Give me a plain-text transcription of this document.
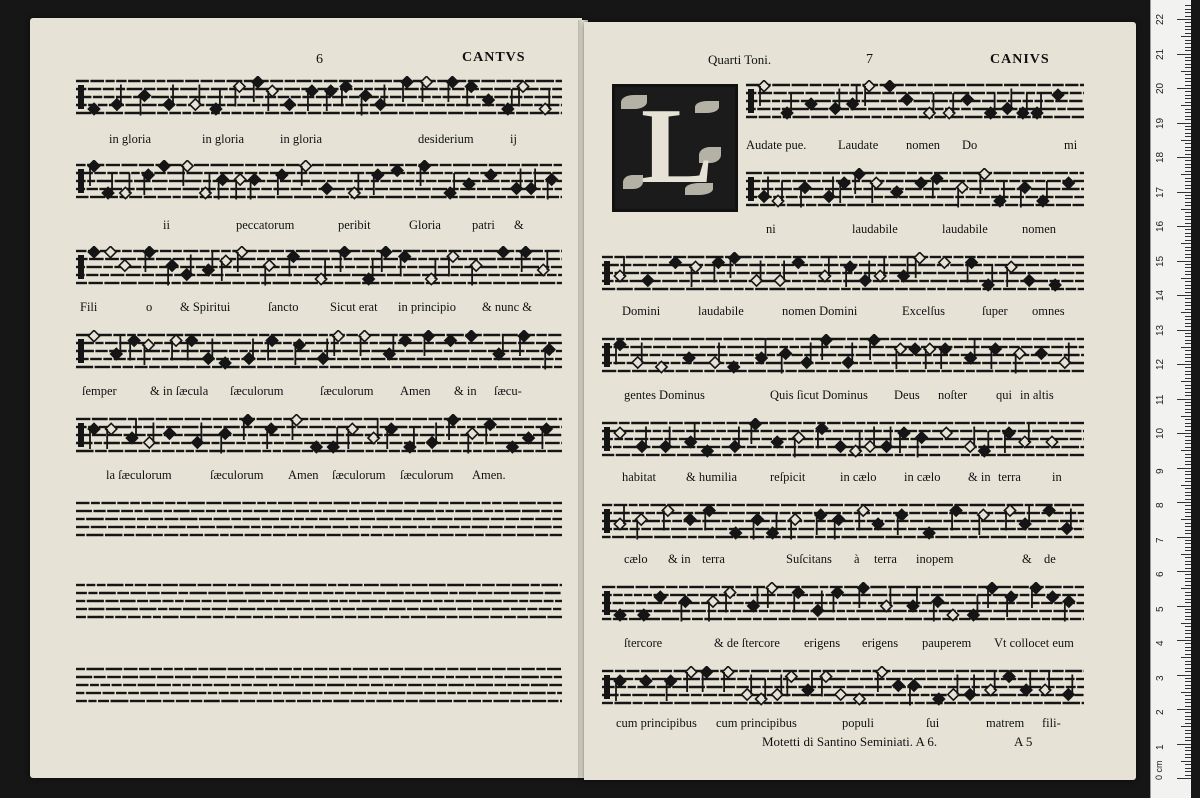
6	CANTVS
in gloria	in gloria	in gloria	desiderium	ij
ii	peccatorum	peribit	Gloria patri &
Fili	o & Spiritui	ſancto	Sicut erat in principio & nunc &
ſemper	& in ſæcula ſæculorum	ſæculorum Amen & in ſæcu-
la ſæculorum	ſæculorum Amen ſæculorum ſæculorum Amen.
Quarti Toni.	7	CANIVS
L	Audate pue.	Laudate nomen Do	mi
ni	laudabile	laudabile	nomen
Domini	laudabile	nomen Domini	Excelſus	ſuper omnes
gentes Dominus	Quis ſicut Dominus Deus noſter qui in altis
habitat & humilia	reſpicit	in cælo in cælo & in terra in
cælo & in terra	Suſcitans à terra inopem	& de
ſtercore	& de ſtercore erigens erigens pauperem Vt collocet eum
cum principibus cum principibus	populi	ſui	matrem fili-
Motetti di Santino Seminiati. A 6.	A 5
0 cm
1
2
3
4
5
6
7
8
9
10
11
12
13
14
15
16
17
18
19
20
21
22
